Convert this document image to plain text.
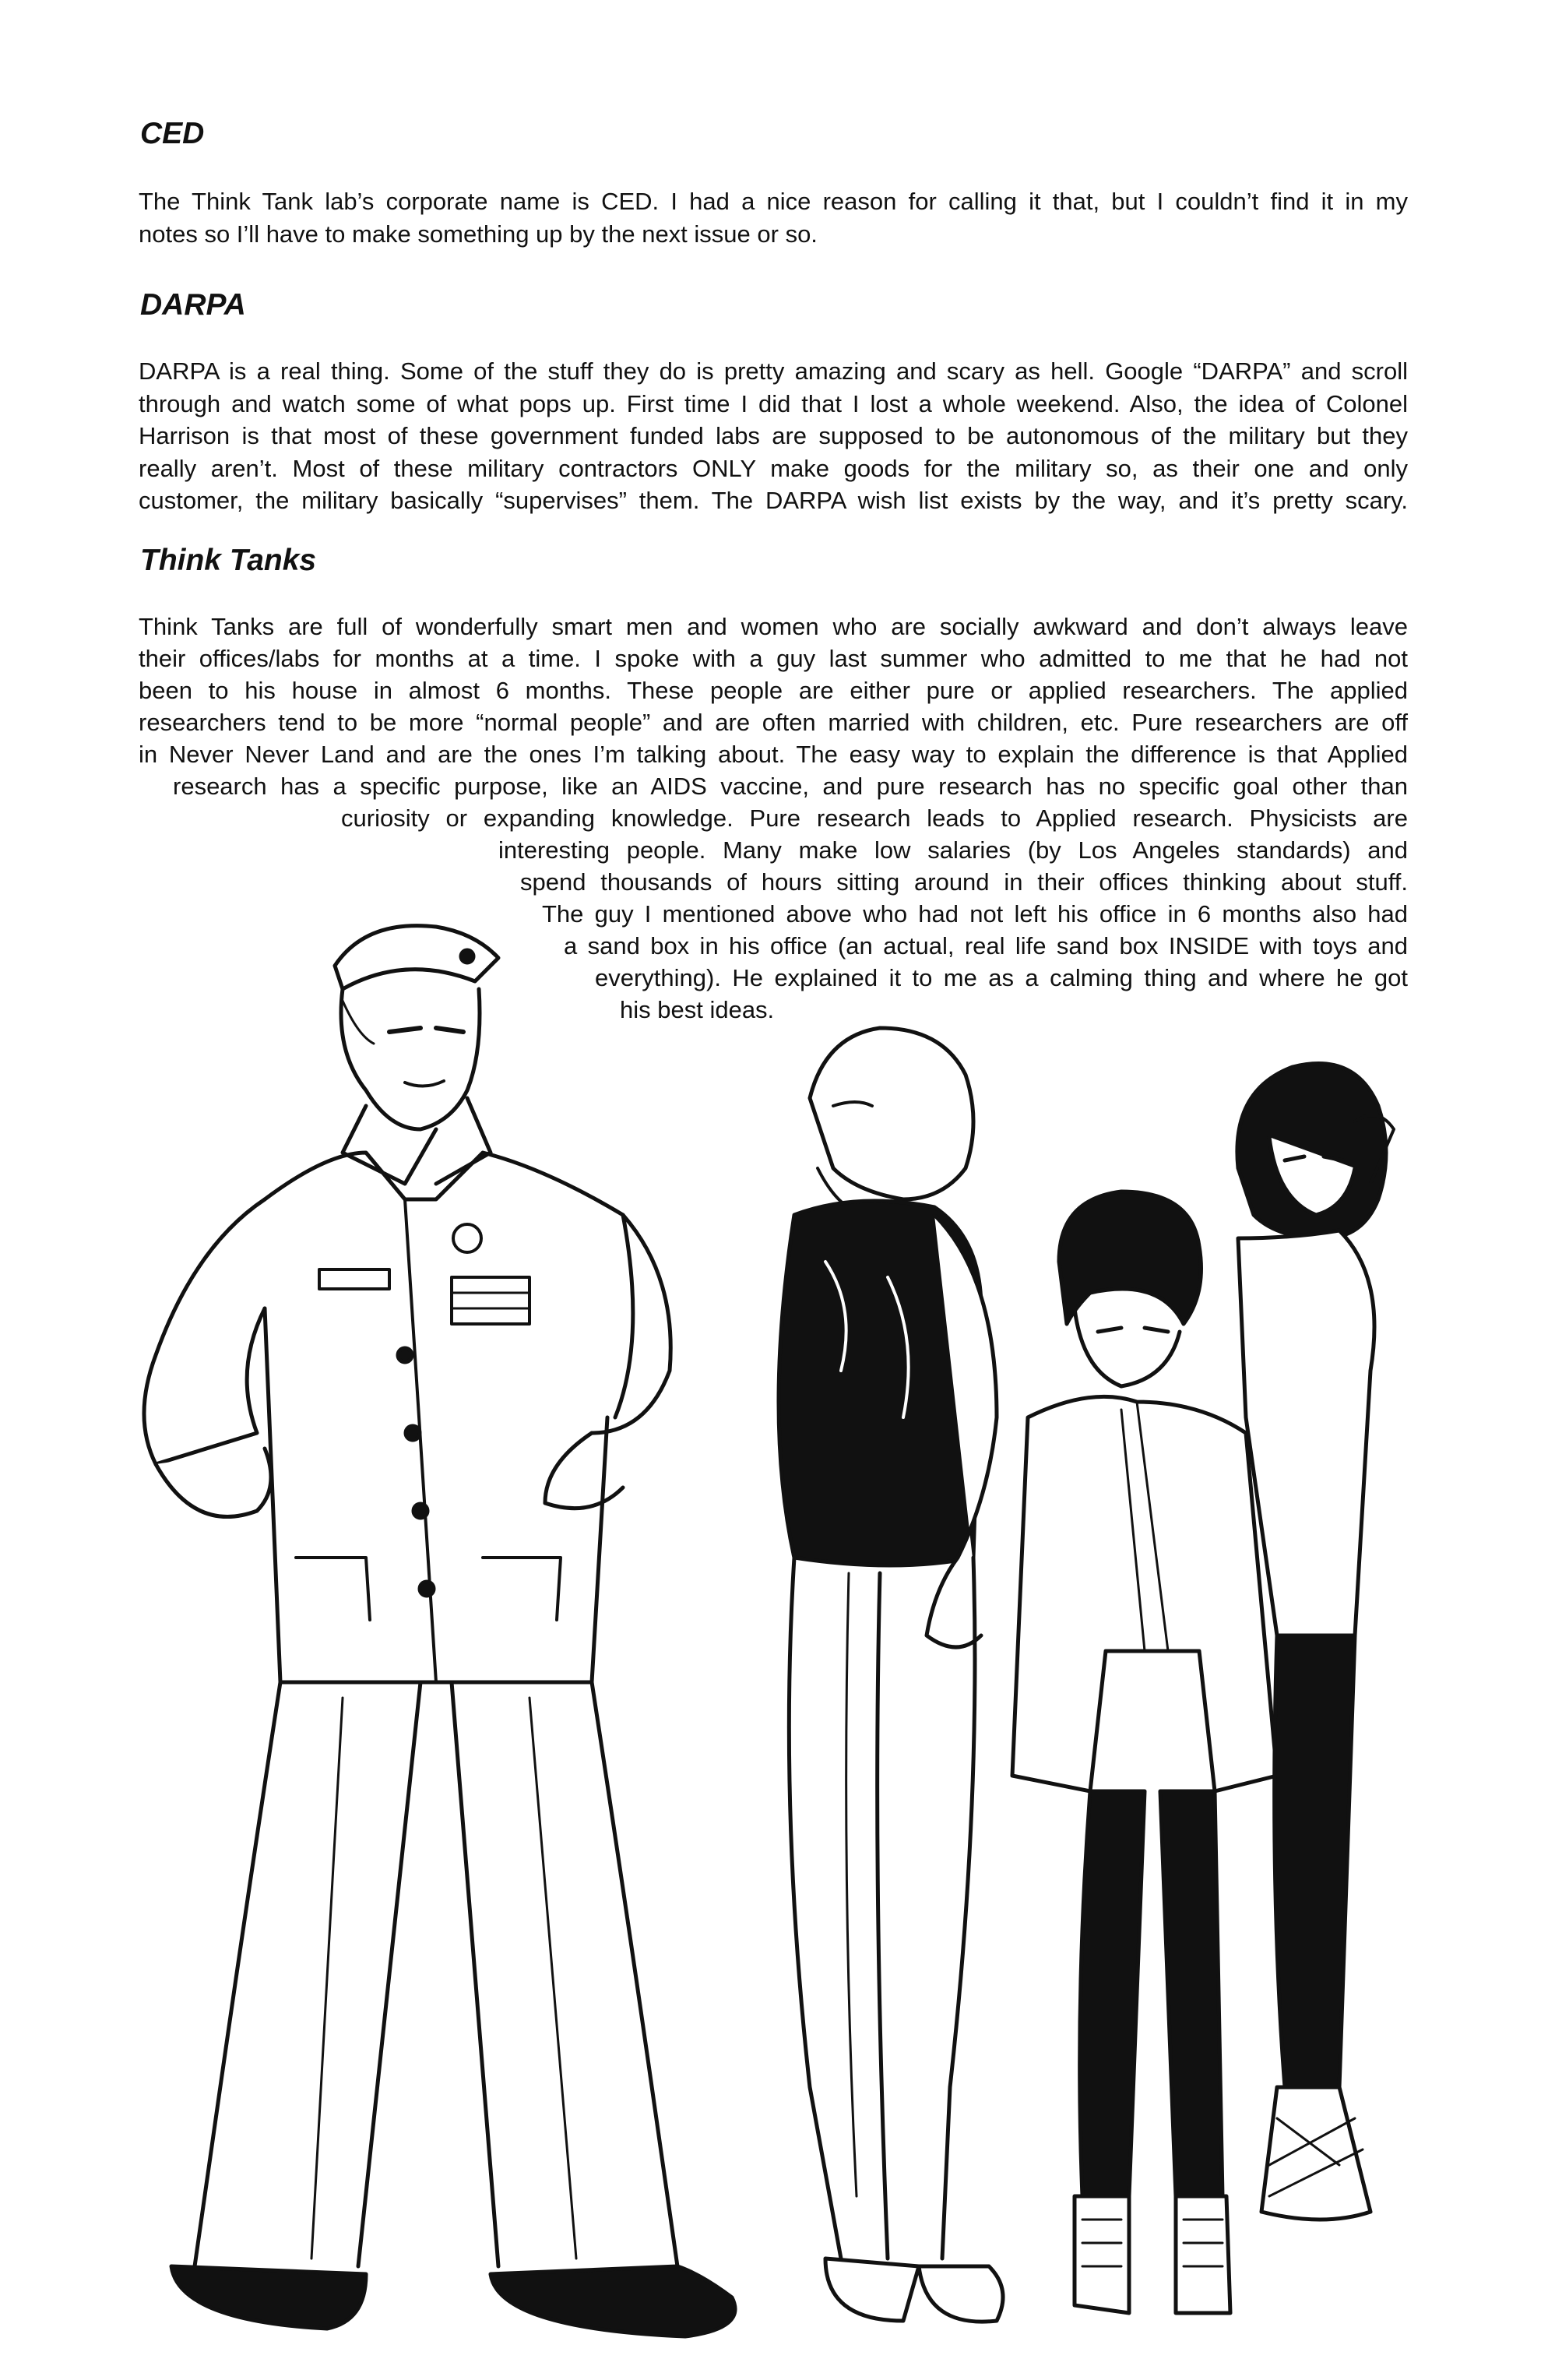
CED
The Think Tank lab’s corporate name is CED. I had a nice reason for calling it that, but I couldn’t find it in my
notes so I’ll have to make something up by the next issue or so.
DARPA
DARPA is a real thing. Some of the stuff they do is pretty amazing and scary as hell. Google “DARPA” and scroll
through and watch some of what pops up. First time I did that I lost a whole weekend. Also, the idea of Colonel
Harrison is that most of these government funded labs are supposed to be autonomous of the military but they
really aren’t. Most of these military contractors ONLY make goods for the military so, as their one and only
customer, the military basically “supervises” them. The DARPA wish list exists by the way, and it’s pretty scary.
Think Tanks
Think Tanks are full of wonderfully smart men and women who are socially awkward and don’t always leave
their offices/labs for months at a time. I spoke with a guy last summer who admitted to me that he had not
been to his house in almost 6 months. These people are either pure or applied researchers. The applied
researchers tend to be more “normal people” and are often married with children, etc. Pure researchers are off
in Never Never Land and are the ones I’m talking about. The easy way to explain the difference is that Applied
research has a specific purpose, like an AIDS vaccine, and pure research has no specific goal other than
curiosity or expanding knowledge. Pure research leads to Applied research. Physicists are
interesting people. Many make low salaries (by Los Angeles standards) and
spend thousands of hours sitting around in their offices thinking about stuff.
The guy I mentioned above who had not left his office in 6 months also had
a sand box in his office (an actual, real life sand box INSIDE with toys and
everything). He explained it to me as a calming thing and where he got
his best ideas.
